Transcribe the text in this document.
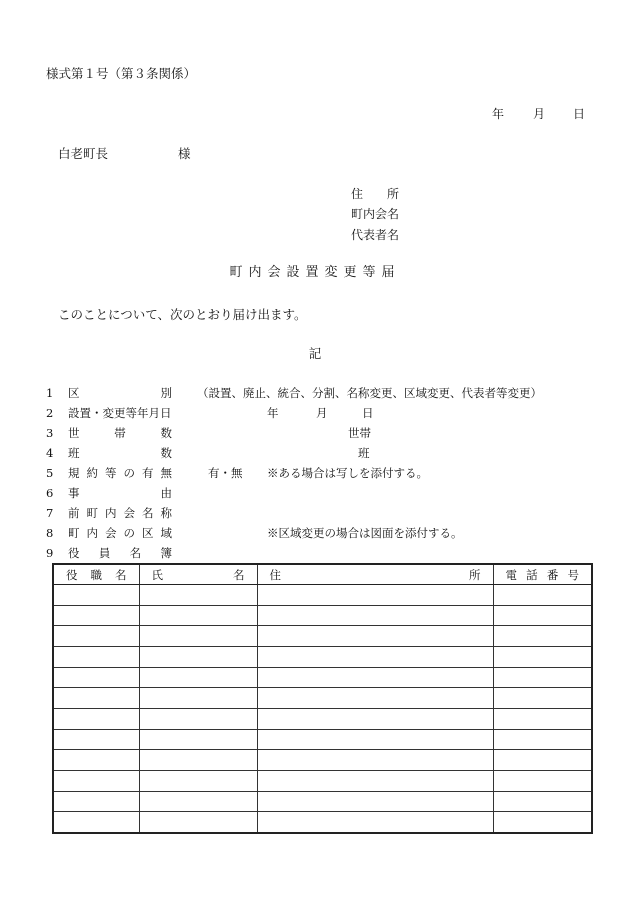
様式第１号（第３条関係）
年 月 日
白老町長	様
住 所
町内会名
代表者名
町内会設置変更等届
このことについて、次のとおり届け出ます。
記
1 区	別 （設置、廃止、統合、分割、名称変更、区域変更、代表者等変更）
2 設置・変更等年月日	年	月	日
3 世	帯	数	世帯
4 班	数	班
5 規 約 等 の 有 無	有・無 ※ある場合は写しを添付する。
6 事	由
7 前 町 内 会 名 称
8 町 内 会 の 区 域	※区域変更の場合は図面を添付する。
9 役 員 名 簿
役 職 名	氏 名	住 所	電 話 番 号
